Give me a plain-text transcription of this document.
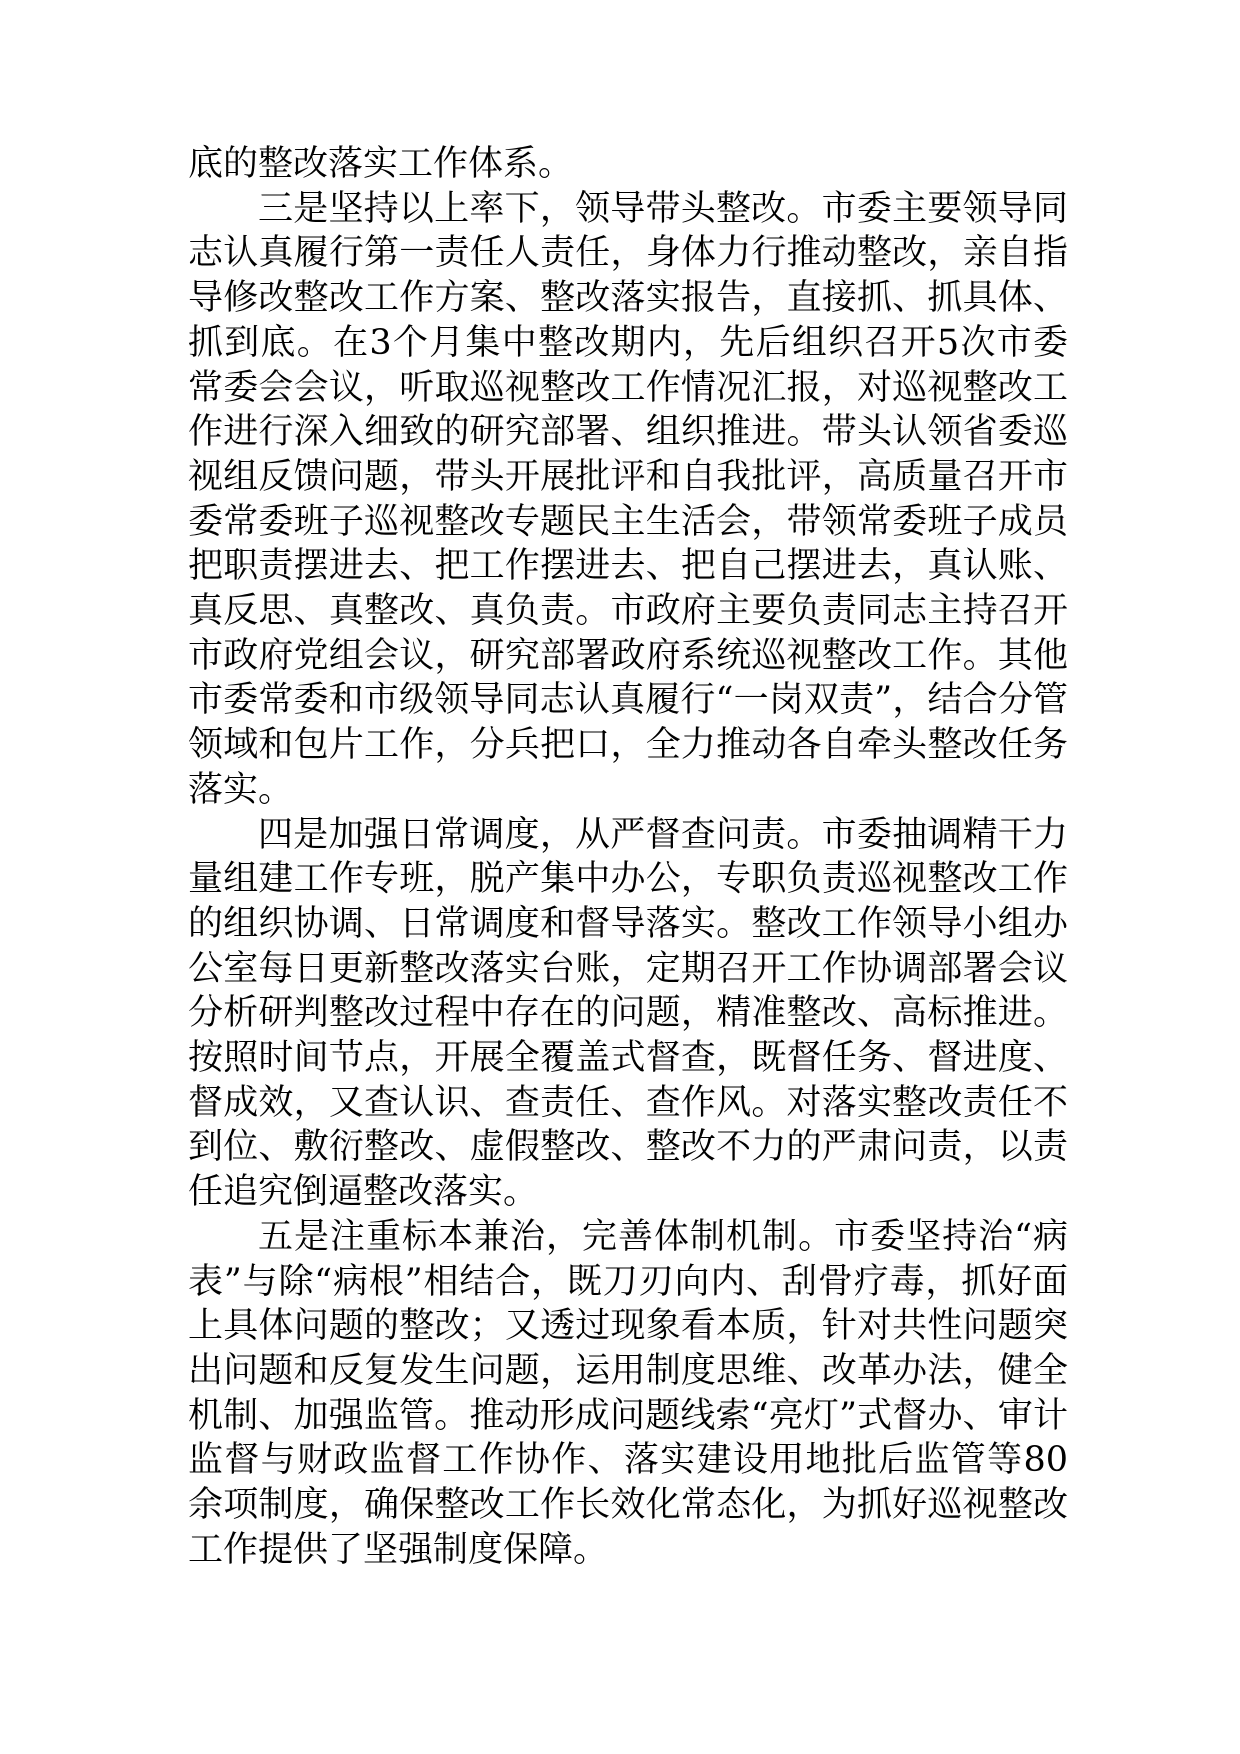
底的整改落实工作体系。

三是坚持以上率下，领导带头整改。市委主要领导同志认真履行第一责任人责任，身体力行推动整改，亲自指导修改整改工作方案、整改落实报告，直接抓、抓具体、抓到底。在3个月集中整改期内，先后组织召开5次市委常委会会议，听取巡视整改工作情况汇报，对巡视整改工作进行深入细致的研究部署、组织推进。带头认领省委巡视组反馈问题，带头开展批评和自我批评，高质量召开市委常委班子巡视整改专题民主生活会，带领常委班子成员把职责摆进去、把工作摆进去、把自己摆进去，真认账、真反思、真整改、真负责。市政府主要负责同志主持召开市政府党组会议，研究部署政府系统巡视整改工作。其他市委常委和市级领导同志认真履行“一岗双责”，结合分管领域和包片工作，分兵把口，全力推动各自牵头整改任务落实。

四是加强日常调度，从严督查问责。市委抽调精干力量组建工作专班，脱产集中办公，专职负责巡视整改工作的组织协调、日常调度和督导落实。整改工作领导小组办公室每日更新整改落实台账，定期召开工作协调部署会议分析研判整改过程中存在的问题，精准整改、高标推进。按照时间节点，开展全覆盖式督查，既督任务、督进度、督成效，又查认识、查责任、查作风。对落实整改责任不到位、敷衍整改、虚假整改、整改不力的严肃问责，以责任追究倒逼整改落实。

五是注重标本兼治，完善体制机制。市委坚持治“病表”与除“病根”相结合，既刀刃向内、刮骨疗毒，抓好面上具体问题的整改；又透过现象看本质，针对共性问题突出问题和反复发生问题，运用制度思维、改革办法，健全机制、加强监管。推动形成问题线索“亮灯”式督办、审计监督与财政监督工作协作、落实建设用地批后监管等80余项制度，确保整改工作长效化常态化，为抓好巡视整改工作提供了坚强制度保障。
